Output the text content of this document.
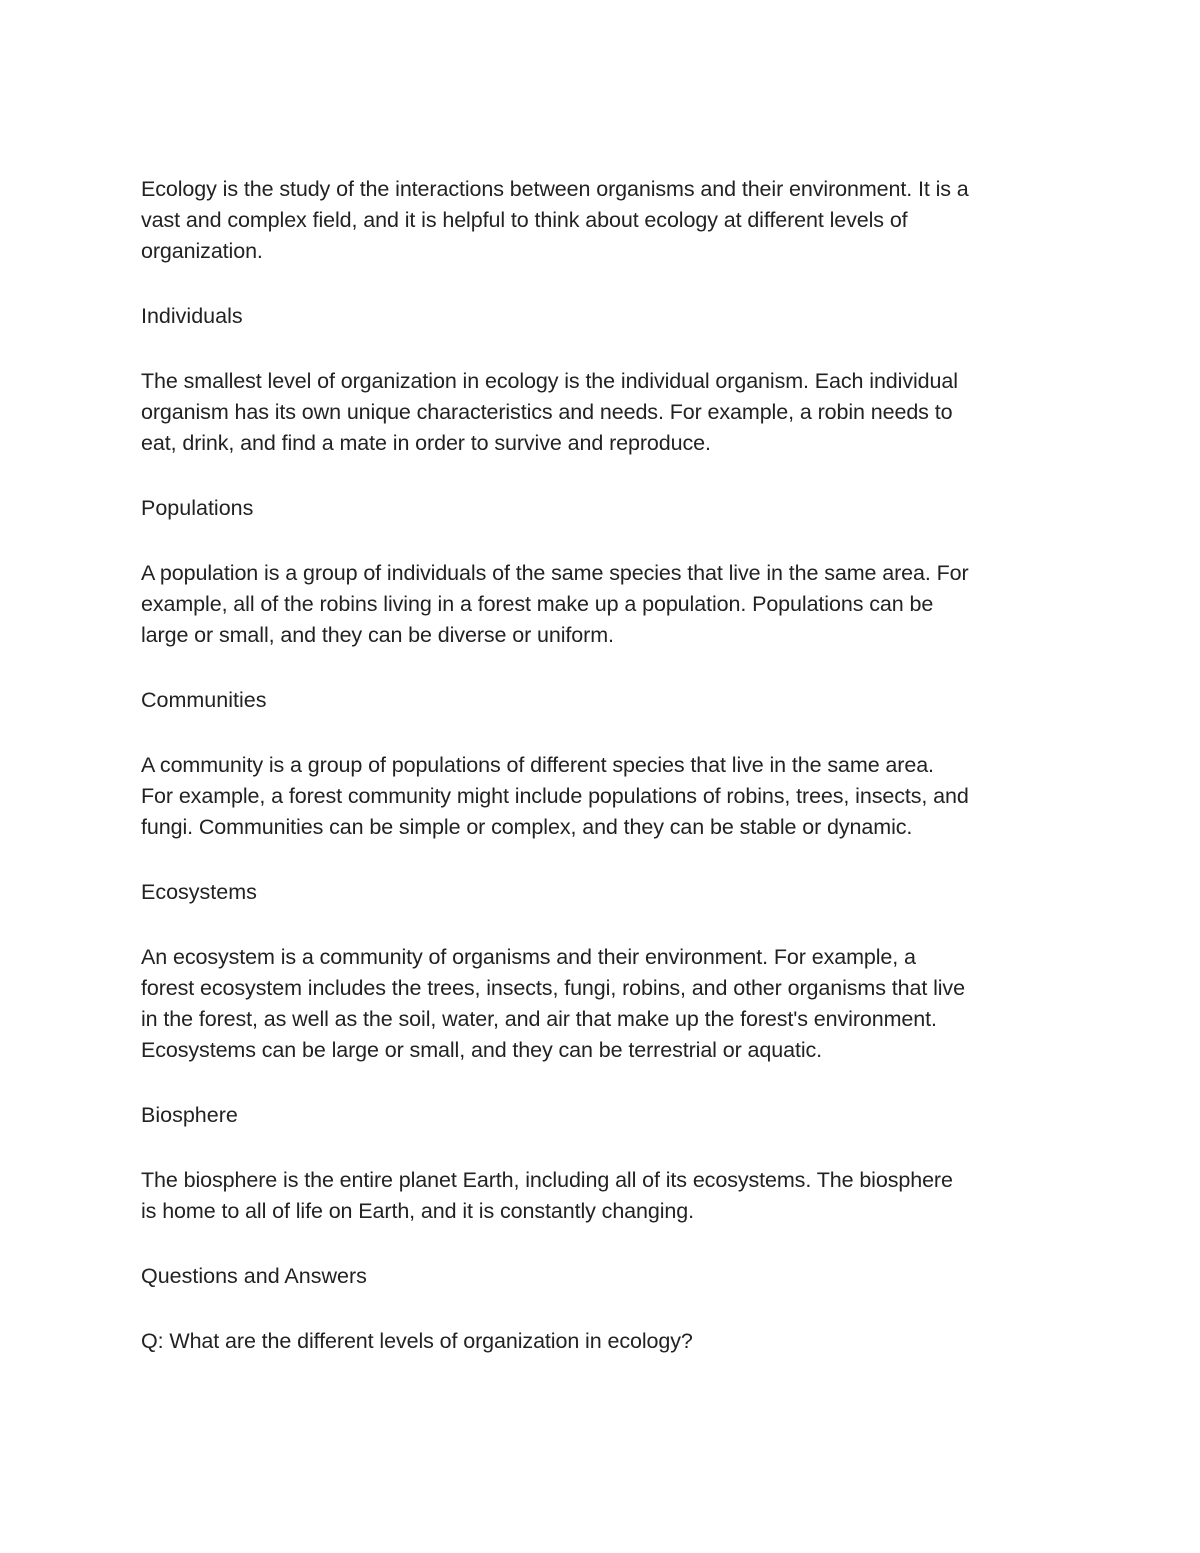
Ecology is the study of the interactions between organisms and their environment. It is a
vast and complex field, and it is helpful to think about ecology at different levels of
organization.

Individuals

The smallest level of organization in ecology is the individual organism. Each individual
organism has its own unique characteristics and needs. For example, a robin needs to
eat, drink, and find a mate in order to survive and reproduce.

Populations

A population is a group of individuals of the same species that live in the same area. For
example, all of the robins living in a forest make up a population. Populations can be
large or small, and they can be diverse or uniform.

Communities

A community is a group of populations of different species that live in the same area.
For example, a forest community might include populations of robins, trees, insects, and
fungi. Communities can be simple or complex, and they can be stable or dynamic.

Ecosystems

An ecosystem is a community of organisms and their environment. For example, a
forest ecosystem includes the trees, insects, fungi, robins, and other organisms that live
in the forest, as well as the soil, water, and air that make up the forest's environment.
Ecosystems can be large or small, and they can be terrestrial or aquatic.

Biosphere

The biosphere is the entire planet Earth, including all of its ecosystems. The biosphere
is home to all of life on Earth, and it is constantly changing.

Questions and Answers

Q: What are the different levels of organization in ecology?
